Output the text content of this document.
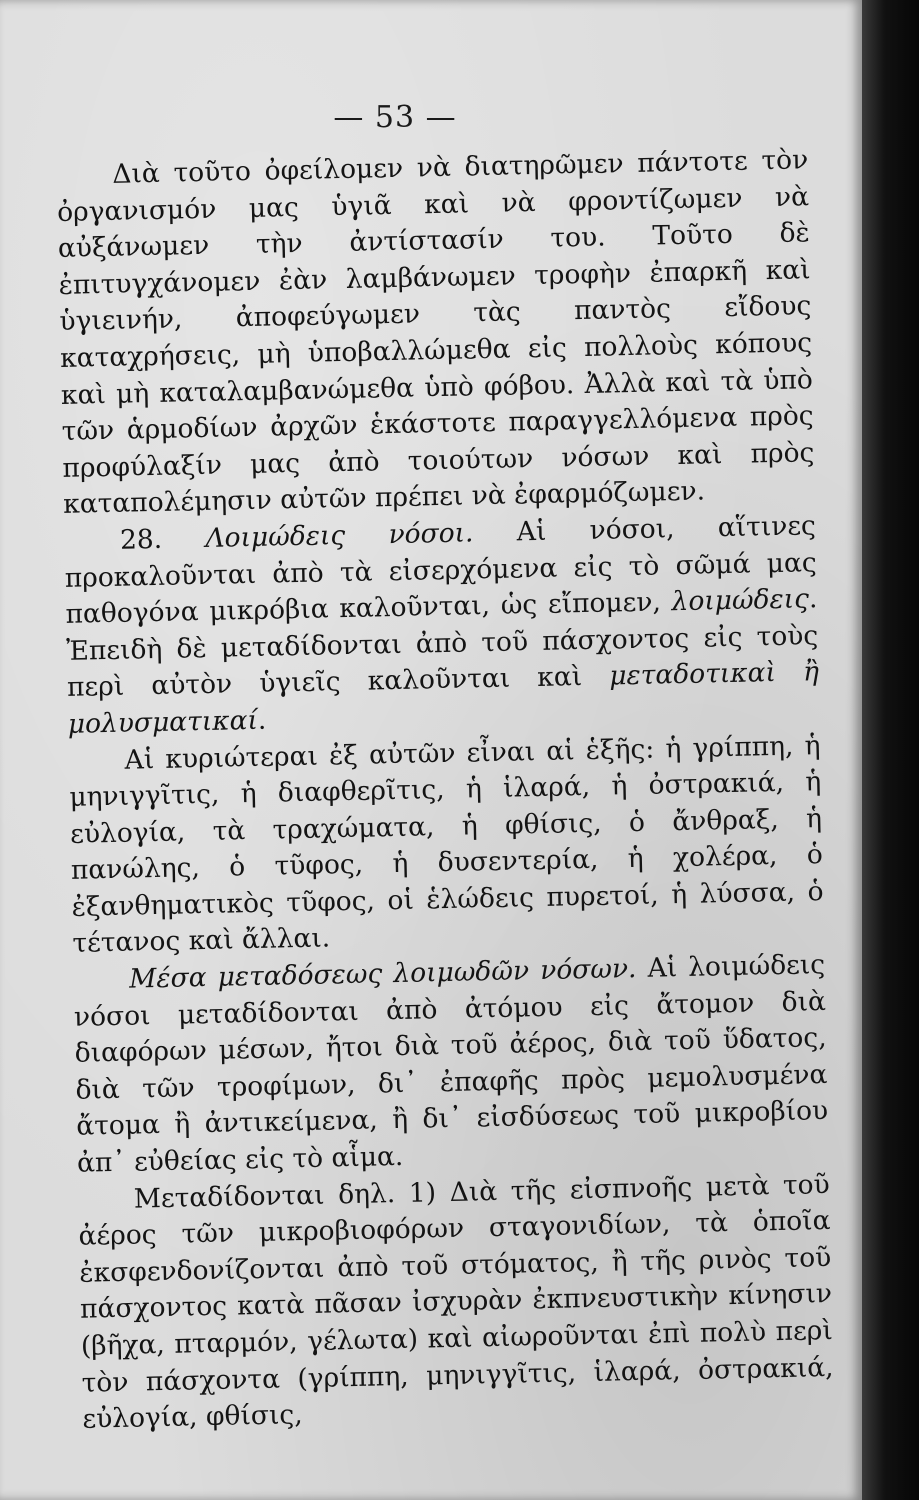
— 53 —

Διὰ τοῦτο ὀφείλομεν νὰ διατηρῶμεν πάντοτε τὸν ὀργανισμόν μας ὑγιᾶ καὶ νὰ φροντίζωμεν νὰ αὐξάνωμεν τὴν ἀντίστασίν του. Τοῦτο δὲ ἐπιτυγχάνομεν ἐὰν λαμβάνωμεν τροφὴν ἐπαρκῆ καὶ ὑγιεινήν, ἀποφεύγωμεν τὰς παντὸς εἴδους καταχρήσεις, μὴ ὑποβαλλώμεθα εἰς πολλοὺς κόπους καὶ μὴ καταλαμβανώμεθα ὑπὸ φόβου. Ἀλλὰ καὶ τὰ ὑπὸ τῶν ἁρμοδίων ἀρχῶν ἑκάστοτε παραγγελλόμενα πρὸς προφύλαξίν μας ἀπὸ τοιούτων νόσων καὶ πρὸς καταπολέμησιν αὐτῶν πρέπει νὰ ἐφαρμόζωμεν.

28. Λοιμώδεις νόσοι. Αἱ νόσοι, αἵτινες προκαλοῦνται ἀπὸ τὰ εἰσερχόμενα εἰς τὸ σῶμά μας παθογόνα μικρόβια καλοῦνται, ὡς εἴπομεν, λοιμώδεις. Ἐπειδὴ δὲ μεταδίδονται ἀπὸ τοῦ πάσχοντος εἰς τοὺς περὶ αὐτὸν ὑγιεῖς καλοῦνται καὶ μεταδοτικαὶ ἢ μολυσματικαί.

Αἱ κυριώτεραι ἐξ αὐτῶν εἶναι αἱ ἑξῆς: ἡ γρίππη, ἡ μηνιγγῖτις, ἡ διαφθερῖτις, ἡ ἱλαρά, ἡ ὀστρακιά, ἡ εὐλογία, τὰ τραχώματα, ἡ φθίσις, ὁ ἄνθραξ, ἡ πανώλης, ὁ τῦφος, ἡ δυσεντερία, ἡ χολέρα, ὁ ἐξανθηματικὸς τῦφος, οἱ ἑλώδεις πυρετοί, ἡ λύσσα, ὁ τέτανος καὶ ἄλλαι.

Μέσα μεταδόσεως λοιμωδῶν νόσων. Αἱ λοιμώδεις νόσοι μεταδίδονται ἀπὸ ἀτόμου εἰς ἄτομον διὰ διαφόρων μέσων, ἤτοι διὰ τοῦ ἀέρος, διὰ τοῦ ὕδατος, διὰ τῶν τροφίμων, δι᾽ ἐπαφῆς πρὸς μεμολυσμένα ἄτομα ἢ ἀντικείμενα, ἢ δι᾽ εἰσδύσεως τοῦ μικροβίου ἀπ᾽ εὐθείας εἰς τὸ αἷμα.

Μεταδίδονται δηλ. 1) Διὰ τῆς εἰσπνοῆς μετὰ τοῦ ἀέρος τῶν μικροβιοφόρων σταγονιδίων, τὰ ὁποῖα ἐκσφενδονίζονται ἀπὸ τοῦ στόματος, ἢ τῆς ρινὸς τοῦ πάσχοντος κατὰ πᾶσαν ἰσχυρὰν ἐκπνευστικὴν κίνησιν (βῆχα, πταρμόν, γέλωτα) καὶ αἰωροῦνται ἐπὶ πολὺ περὶ τὸν πάσχοντα (γρίππη, μηνιγγῖτις, ἱλαρά, ὀστρακιά, εὐλογία, φθίσις,
